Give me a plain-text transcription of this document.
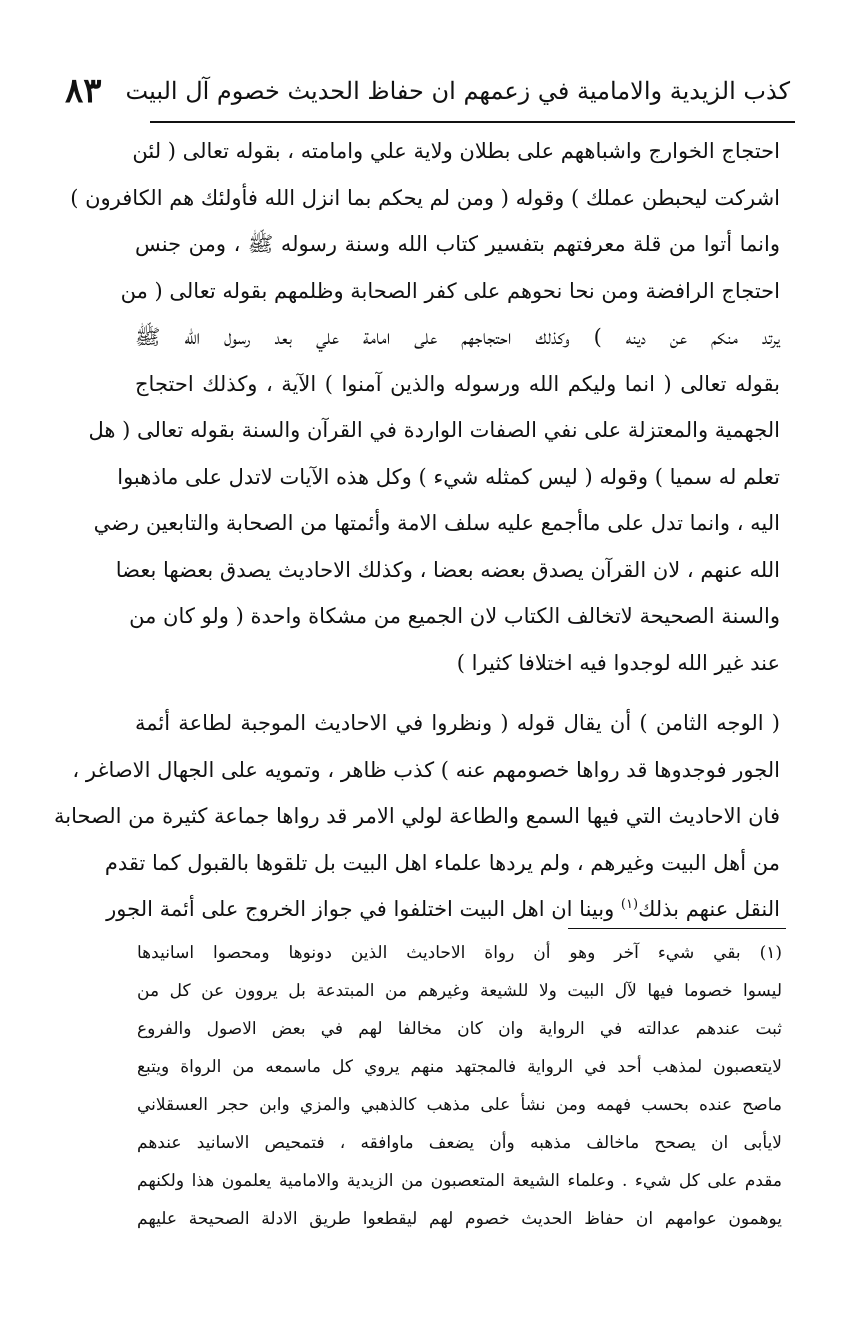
كذب الزيدية والامامية في زعمهم ان حفاظ الحديث خصوم آل البيت
٨٣
احتجاج الخوارج واشباههم على بطلان ولاية علي وامامته ، بقوله تعالى ( لئن
اشركت ليحبطن عملك ) وقوله ( ومن لم يحكم بما انزل الله فأولئك هم الكافرون )
وانما أتوا من قلة معرفتهم بتفسير كتاب الله وسنة رسوله ﷺ ، ومن جنس
احتجاج الرافضة ومن نحا نحوهم على كفر الصحابة وظلمهم بقوله تعالى ( من
يرتد منكم عن دينه ) وكذلك احتجاجهم على امامة علي بعد رسول الله ﷺ
بقوله تعالى ( انما وليكم الله ورسوله والذين آمنوا ) الآية ، وكذلك احتجاج
الجهمية والمعتزلة على نفي الصفات الواردة في القرآن والسنة بقوله تعالى ( هل
تعلم له سميا ) وقوله ( ليس كمثله شيء ) وكل هذه الآيات لاتدل على ماذهبوا
اليه ، وانما تدل على ماأجمع عليه سلف الامة وأئمتها من الصحابة والتابعين رضي
الله عنهم ، لان القرآن يصدق بعضه بعضا ، وكذلك الاحاديث يصدق بعضها بعضا
والسنة الصحيحة لاتخالف الكتاب لان الجميع من مشكاة واحدة ( ولو كان من
عند غير الله لوجدوا فيه اختلافا كثيرا )
( الوجه الثامن ) أن يقال قوله ( ونظروا في الاحاديث الموجبة لطاعة أئمة
الجور فوجدوها قد رواها خصومهم عنه ) كذب ظاهر ، وتمويه على الجهال الاصاغر ،
فان الاحاديث التي فيها السمع والطاعة لولي الامر قد رواها جماعة كثيرة من الصحابة
من أهل البيت وغيرهم ، ولم يردها علماء اهل البيت بل تلقوها بالقبول كما تقدم
النقل عنهم بذلك$^{(١)}$ وبينا ان اهل البيت اختلفوا في جواز الخروج على أئمة الجور
(١) بقي شيء آخر وهو أن رواة الاحاديث الذين دونوها ومحصوا اسانيدها
ليسوا خصوما فيها لآل البيت ولا للشيعة وغيرهم من المبتدعة بل يروون عن كل من
ثبت عندهم عدالته في الرواية وان كان مخالفا لهم في بعض الاصول والفروع
لايتعصبون لمذهب أحد في الرواية فالمجتهد منهم يروي كل ماسمعه من الرواة ويتبع
ماصح عنده بحسب فهمه ومن نشأ على مذهب كالذهبي والمزي وابن حجر العسقلاني
لايأبى ان يصحح ماخالف مذهبه وأن يضعف ماوافقه ، فتمحيص الاسانيد عندهم
مقدم على كل شيء . وعلماء الشيعة المتعصبون من الزيدية والامامية يعلمون هذا ولكنهم
يوهمون عوامهم ان حفاظ الحديث خصوم لهم ليقطعوا طريق الادلة الصحيحة عليهم
